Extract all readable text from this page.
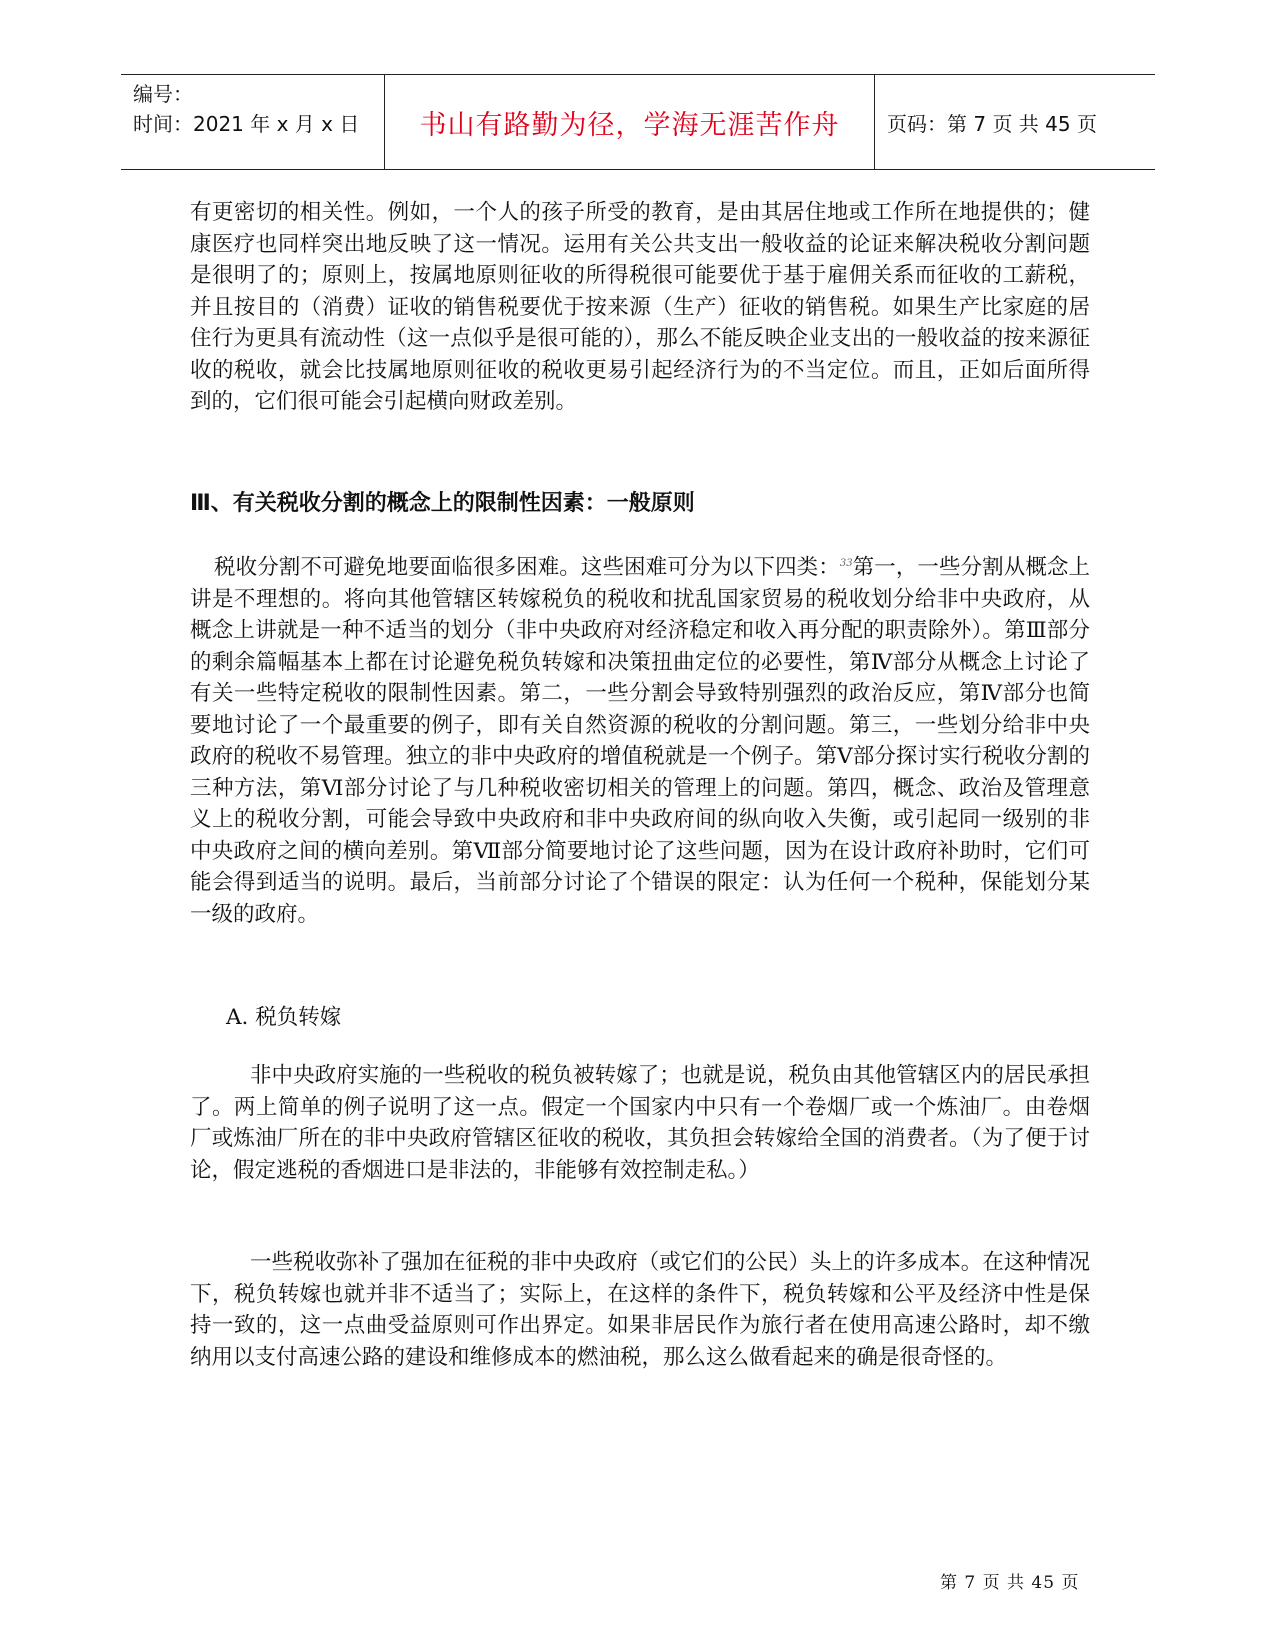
编号：
时间：2021 年 x 月 x 日	书山有路勤为径，学海无涯苦作舟 页码：第 7 页 共 45 页
有更密切的相关性。例如，一个人的孩子所受的教育，是由其居住地或工作所在地提供的；健康医疗也同样突出地反映了这一情况。运用有关公共支出一般收益的论证来解决税收分割问题是很明了的；原则上，按属地原则征收的所得税很可能要优于基于雇佣关系而征收的工薪税，并且按目的（消费）证收的销售税要优于按来源（生产）征收的销售税。如果生产比家庭的居住行为更具有流动性（这一点似乎是很可能的），那么不能反映企业支出的一般收益的按来源征收的税收，就会比技属地原则征收的税收更易引起经济行为的不当定位。而且，正如后面所得到的，它们很可能会引起横向财政差别。
Ⅲ、有关税收分割的概念上的限制性因素：一般原则
税收分割不可避免地要面临很多困难。这些困难可分为以下四类：$^{33}$第一，一些分割从概念上讲是不理想的。将向其他管辖区转嫁税负的税收和扰乱国家贸易的税收划分给非中央政府，从概念上讲就是一种不适当的划分（非中央政府对经济稳定和收入再分配的职责除外）。第Ⅲ部分的剩余篇幅基本上都在讨论避免税负转嫁和决策扭曲定位的必要性，第Ⅳ部分从概念上讨论了有关一些特定税收的限制性因素。第二，一些分割会导致特别强烈的政治反应，第Ⅳ部分也简要地讨论了一个最重要的例子，即有关自然资源的税收的分割问题。第三，一些划分给非中央政府的税收不易管理。独立的非中央政府的增值税就是一个例子。第Ⅴ部分探讨实行税收分割的三种方法，第Ⅵ部分讨论了与几种税收密切相关的管理上的问题。第四，概念、政治及管理意义上的税收分割，可能会导致中央政府和非中央政府间的纵向收入失衡，或引起同一级别的非中央政府之间的横向差别。第Ⅶ部分简要地讨论了这些问题，因为在设计政府补助时，它们可能会得到适当的说明。最后，当前部分讨论了个错误的限定：认为任何一个税种，保能划分某一级的政府。
A. 税负转嫁
非中央政府实施的一些税收的税负被转嫁了；也就是说，税负由其他管辖区内的居民承担了。两上简单的例子说明了这一点。假定一个国家内中只有一个卷烟厂或一个炼油厂。由卷烟厂或炼油厂所在的非中央政府管辖区征收的税收，其负担会转嫁给全国的消费者。（为了便于讨论，假定逃税的香烟进口是非法的，非能够有效控制走私。）
一些税收弥补了强加在征税的非中央政府（或它们的公民）头上的许多成本。在这种情况下，税负转嫁也就并非不适当了；实际上，在这样的条件下，税负转嫁和公平及经济中性是保持一致的，这一点曲受益原则可作出界定。如果非居民作为旅行者在使用高速公路时，却不缴纳用以支付高速公路的建设和维修成本的燃油税，那么这么做看起来的确是很奇怪的。
第 7 页 共 45 页
